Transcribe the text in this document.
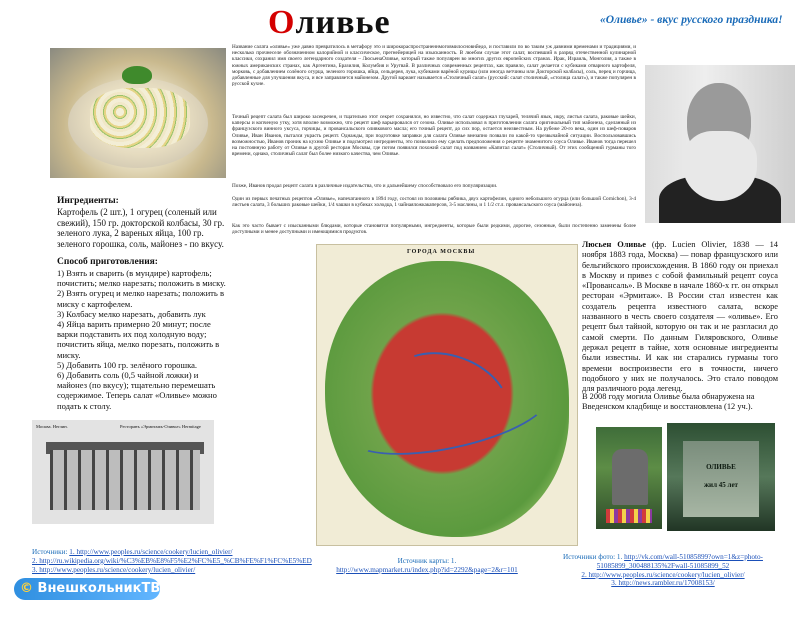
Оливье	«Оливье» - вкус русского праздника!
Название салата «оливье» уже давно превратилось в метафору это и широкораспространеннмоговмилосновнйедо, и поставили по во таким уж давними временами и традициями, и несколько прочнеселе обозначенном калорийной и классическое, прегнейерицей на изысканность. В люебом случае этот салат, воспевший в разряд отечественной кулинарной классики, сохранил имя своего легендарного создателя – ЛюсьенаОливье, который также популярен во многих других европейских странах. Ирак, Израиль, Монголия, а также в южных американских странах, как Аргентина, Бразилия, Колумбия и Уругвай. В различных современных рецептах, как правило, салат делается с кубиками отварного картофеля, морковь, с добавлением солёного огурца, зеленого горошка, яйца, сельдерея, лука, кубиками варёной курицы (или иногда ветчины или Докторской колбасы), соль, перец и горчица, добавленные для улучшения вкуса, и все заправляется майонезом. Другой вариант называется «Столичный салат» (русский: салат столичный, «столица салат»), и также популярен в русской кухне.
Точный рецепт салата был широко засекречен, и тщательно этот секрет сохранялся, но известно, что салат содержал глухарей, телячий язык, икру, листья салата, раковые шейки, каперсы и копченую утку, хотя вполне возможно, что рецепт шеф варьировался от сезона. Оливье использовал в приготовлении салата оригинальный тип майонеза, сделанный из французского винного уксуса, горчицы, и провансальского оливкового масла; его точный рецепт, до сих пор, остается неизвестным. На рубеже 20-го века, один из шеф-поваров Оливье, Иван Иванов, пытался украсть рецепт. Однажды, при подготовке заправки для салата Оливье внезапно позвали по какой-то чрезвычайной ситуации. Воспользовавшись возможностью, Иванов проник на кухню Оливье и подсмотрел ингредиенты, это позволило ему сделать предположения о рецепте знаменитого соуса Оливье. Иванов тогда перешел на постоянную работу от Оливье в другой ресторан Москвы, где потом появился похожий салат под названием «Капитал салат» (Столичный). От этих сообщений гурманы того времени, однако, столичный салат был более низкого качества, чем Оливье.
Позже, Иванов продал рецепт салата в различные издательства, что и дальнейшему способствовало его популяризации.
Один из первых печатных рецептов «Оливье», напечатанного в 1894 году, состоял из половины рябчика, двух картофелин, одного небольшого огурца (или большой Cornichon), 3-4 листьев салата, 3 больших раковые шейки, 1/4 чашки в кубиках холодца, 1 чайнаяложкакаперсов, 3-5 маслины, и 1 1/2 ст.л. провансальского соуса (майонеза).
Как это часто бывает с изысканными блюдами, которые становятся популярными, ингредиенты, которые были редкими, дорогие, сезонные, были постепенно заменены более доступными и менее доступными и имеющимися продуктов.
Ингредиенты:
Картофель (2 шт.), 1 огурец (соленый или свежий), 150 гр. докторской колбасы, 30 гр. зеленого лука, 2 вареных яйца, 100 гр. зеленого горошка, соль, майонез - по вкусу.
Способ приготовления:
1) Взять и сварить (в мундире) картофель; почистить; мелко нарезать; положить в миску.
2) Взять огурец и мелко нарезать; положить в миску с картофелем.
3) Колбасу мелко нарезать, добавить лук
4) Яйца варить примерно 20 минут; после варки подставить их под холодную воду; почистить яйца, мелко порезать, положить в миску.
5) Добавить 100 гр. зелёного горошка.
6) Добавить соль (0,5 чайной ложки) и майонез (по вкусу); тщательно перемешать содержимое. Теперь салат «Оливье» можно подать к столу.
Москва. Неглин.	Ресторанъ «Эрмитажъ-Оливье» Hermitage
ГОРОДА МОСКВЫ
Люсьен Оливье (фр. Lucien Olivier, 1838 — 14 ноября 1883 года, Москва) — повар французского или бельгийского происхождения. В 1860 году он приехал в Москву и привез с собой фамильный рецепт соуса «Провансаль». В Москве в начале 1860-х гг. он открыл ресторан «Эрмитаж». В России стал известен как создатель рецепта известного салата, вскоре названного в честь своего создателя — «оливье». Его рецепт был тайной, которую он так и не разгласил до самой смерти. По данным Гиляровского, Оливье держал рецепт в тайне, хотя основные ингредиенты были известны. И как ни старались гурманы того времени воспроизвести его в точности, ничего подобного у них не получалось. Это стало поводом для различного рода легенд.
В 2008 году могила Оливье была обнаружена на Введенском кладбище и восстановлена (12 уч.).
ОЛИВЬЕ
жил 45 лет
Источники: 1. http://www.peoples.ru/science/cookery/lucien_olivier/
2. http://ru.wikipedia.org/wiki/%C3%EB%E8%F5%E2%FC%E5_%CB%FE%F1%FC%E5%ED
3. http://www.peoples.ru/science/cookery/lucien_olivier/
Источник карты: 1.
http://www.mapmarket.ru/index.php?id=2292&page=2&r=101
Источники фото: 1. http://vk.com/wall-51085899?own=1&z=photo-51085899_300488135%2Fwall-51085899_52
2. http://www.peoples.ru/science/cookery/lucien_olivier/
3. http://news.rambler.ru/17008153/
© ВнешкольникТВ
